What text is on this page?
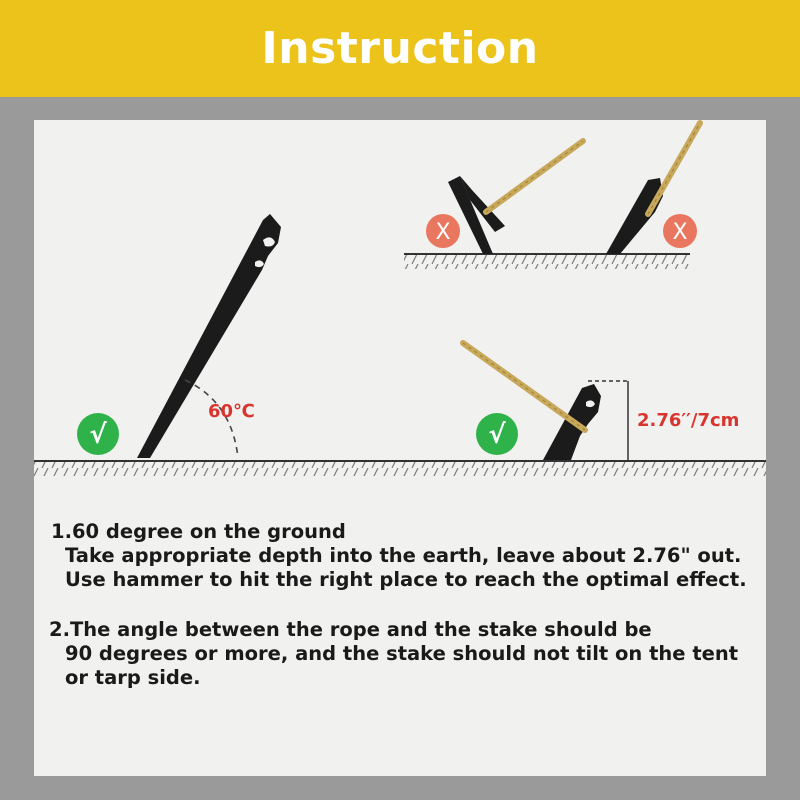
Instruction
√
60℃
X	X
√	2.76′′/7cm
1.60 degree on the ground
Take appropriate depth into the earth, leave about 2.76" out.
Use hammer to hit the right place to reach the optimal effect.
2.The angle between the rope and the stake should be
90 degrees or more, and the stake should not tilt on the tent
or tarp side.
